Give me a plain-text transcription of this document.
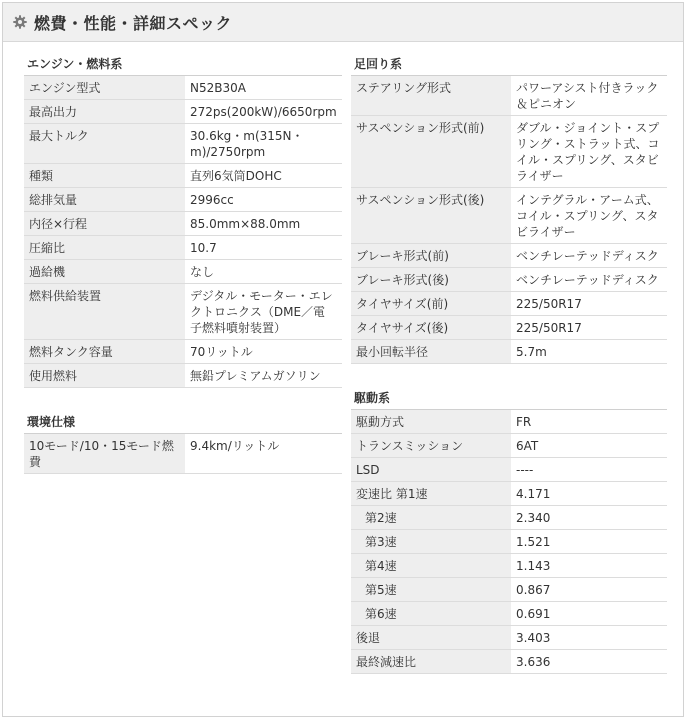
燃費・性能・詳細スペック
エンジン・燃料系
エンジン型式	N52B30A
最高出力	272ps(200kW)/6650rpm
最大トルク	30.6kg・m(315N・m)/2750rpm
種類	直列6気筒DOHC
総排気量	2996cc
内径×行程	85.0mm×88.0mm
圧縮比	10.7
過給機	なし
燃料供給装置	デジタル・モーター・エレクトロニクス（DME／電子燃料噴射装置）
燃料タンク容量	70リットル
使用燃料	無鉛プレミアムガソリン
環境仕様
10モード/10・15モード燃費	9.4km/リットル
足回り系
ステアリング形式	パワーアシスト付きラック＆ピニオン
サスペンション形式(前)	ダブル・ジョイント・スプリング・ストラット式、コイル・スプリング、スタビライザー
サスペンション形式(後)	インテグラル・アーム式、コイル・スプリング、スタビライザー
ブレーキ形式(前)	ベンチレーテッドディスク
ブレーキ形式(後)	ベンチレーテッドディスク
タイヤサイズ(前)	225/50R17
タイヤサイズ(後)	225/50R17
最小回転半径	5.7m
駆動系
駆動方式	FR
トランスミッション	6AT
LSD	----
変速比 第1速	4.171
第2速	2.340
第3速	1.521
第4速	1.143
第5速	0.867
第6速	0.691
後退	3.403
最終減速比	3.636
